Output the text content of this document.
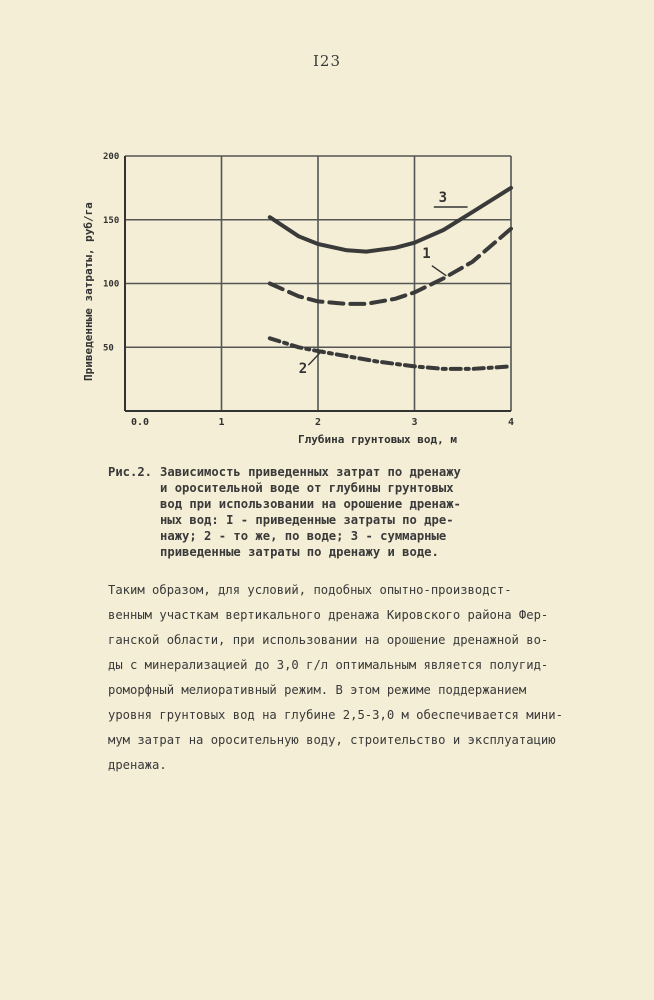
I23
0.0	1	2	3	4
50
100
150
200
Глубина грунтовых вод, м
Приведенные затраты, руб/га	1
2
3
Рис.2. Зависимость приведенных затрат по дренажу
и оросительной воде от глубины грунтовых
вод при использовании на орошение дренаж-
ных вод: I - приведенные затраты по дре-
нажу; 2 - то же, по воде; 3 - суммарные
приведенные затраты по дренажу и воде.
Таким образом, для условий, подобных опытно-производст-
венным участкам вертикального дренажа Кировского района Фер-
ганской области, при использовании на орошение дренажной во-
ды с минерализацией до 3,0 г/л оптимальным является полугид-
роморфный мелиоративный режим. В этом режиме поддержанием
уровня грунтовых вод на глубине 2,5-3,0 м обеспечивается мини-
мум затрат на оросительную воду, строительство и эксплуатацию
дренажа.
